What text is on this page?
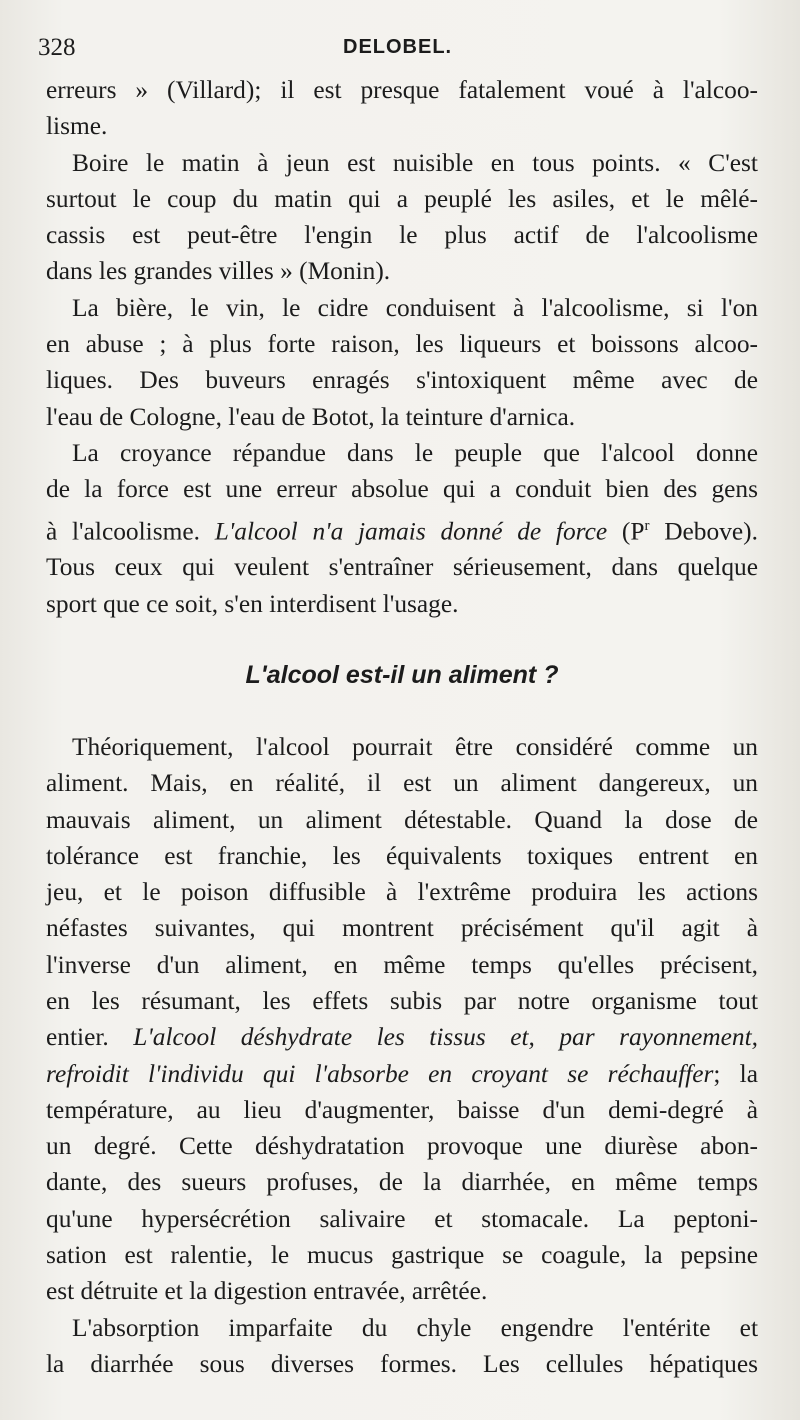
328	DELOBEL.

erreurs » (Villard); il est presque fatalement voué à l'alcoo-
lisme.

Boire le matin à jeun est nuisible en tous points. « C'est
surtout le coup du matin qui a peuplé les asiles, et le mêlé-
cassis est peut-être l'engin le plus actif de l'alcoolisme
dans les grandes villes » (Monin).

La bière, le vin, le cidre conduisent à l'alcoolisme, si l'on
en abuse ; à plus forte raison, les liqueurs et boissons alcoo-
liques. Des buveurs enragés s'intoxiquent même avec de
l'eau de Cologne, l'eau de Botot, la teinture d'arnica.

La croyance répandue dans le peuple que l'alcool donne
de la force est une erreur absolue qui a conduit bien des gens
à l'alcoolisme. L'alcool n'a jamais donné de force ($P^r$ Debove).
Tous ceux qui veulent s'entraîner sérieusement, dans quelque
sport que ce soit, s'en interdisent l'usage.

L'alcool est-il un aliment ?

Théoriquement, l'alcool pourrait être considéré comme un
aliment. Mais, en réalité, il est un aliment dangereux, un
mauvais aliment, un aliment détestable. Quand la dose de
tolérance est franchie, les équivalents toxiques entrent en
jeu, et le poison diffusible à l'extrême produira les actions
néfastes suivantes, qui montrent précisément qu'il agit à
l'inverse d'un aliment, en même temps qu'elles précisent,
en les résumant, les effets subis par notre organisme tout
entier. L'alcool déshydrate les tissus et, par rayonnement,
refroidit l'individu qui l'absorbe en croyant se réchauffer; la
température, au lieu d'augmenter, baisse d'un demi-degré à
un degré. Cette déshydratation provoque une diurèse abon-
dante, des sueurs profuses, de la diarrhée, en même temps
qu'une hypersécrétion salivaire et stomacale. La peptoni-
sation est ralentie, le mucus gastrique se coagule, la pepsine
est détruite et la digestion entravée, arrêtée.

L'absorption imparfaite du chyle engendre l'entérite et
la diarrhée sous diverses formes. Les cellules hépatiques
